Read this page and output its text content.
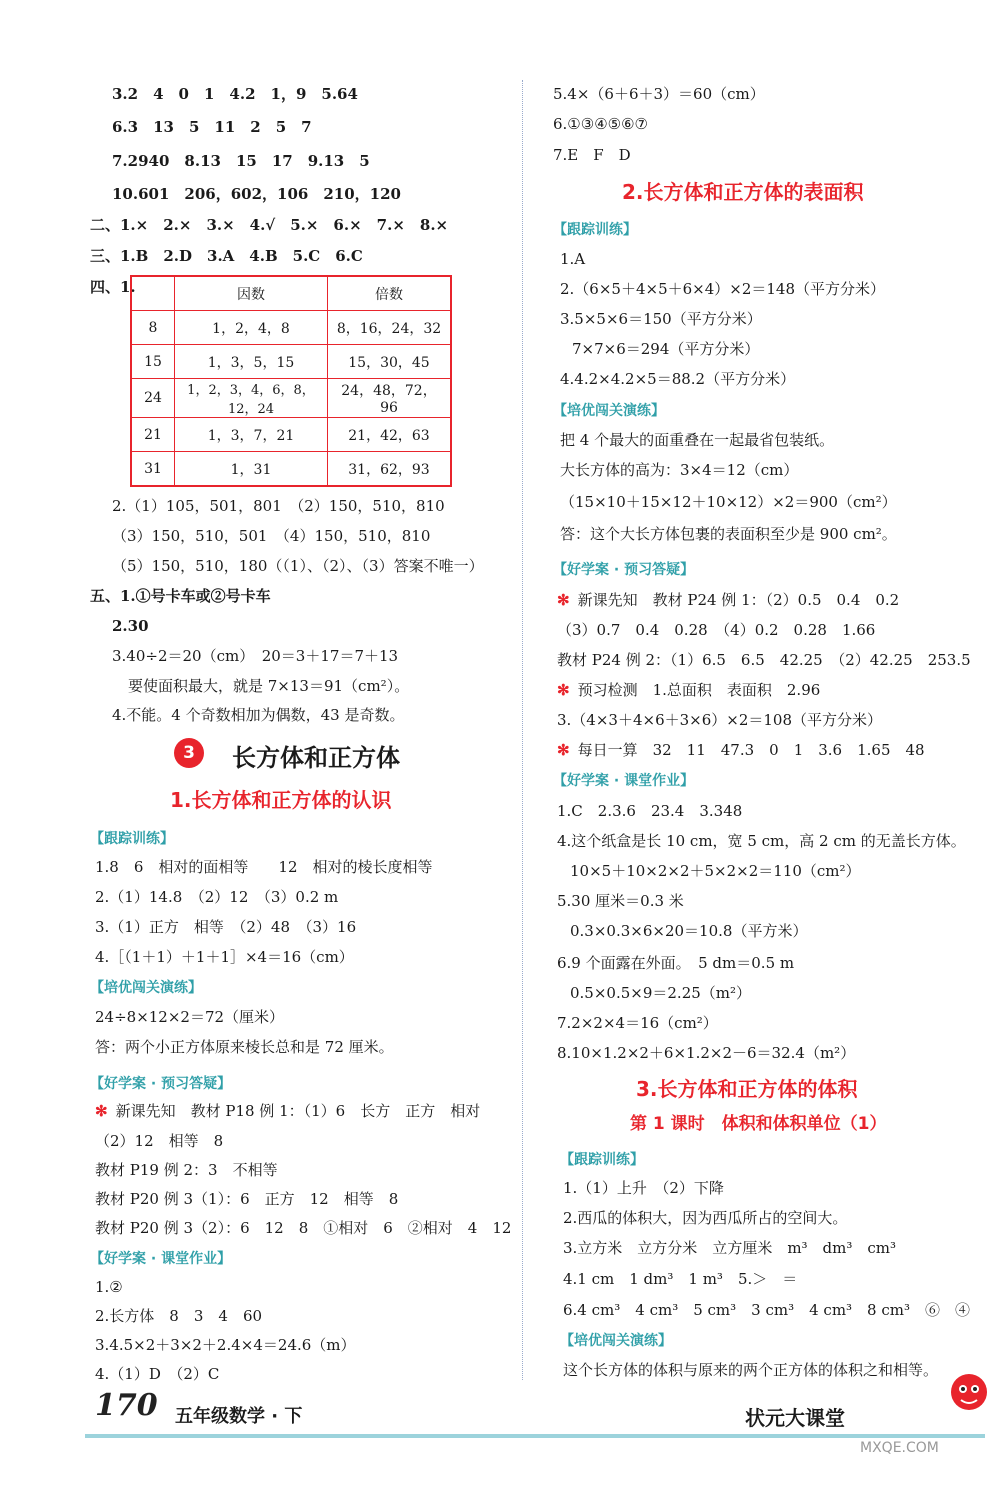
3.2　4　0　1　4.2　1，9　5.64
6.3　13　5　11　2　5　7
7.2940　8.13　15　17　9.13　5
10.601　206，602，106　210，120
二、1.×　2.×　3.×　4.√　5.×　6.×　7.×　8.×
三、1.B　2.D　3.A　4.B　5.C　6.C
四、1.
		因数	倍数
8	1，2，4，8	8，16，24，32
15	1，3，5，15	15，30，45
24	1，2，3，4，6，8，12，24	24，48，72，96
21	1，3，7，21	21，42，63
31	1，31	31，62，93
2.（1）105，501，801　（2）150，510，810
（3）150，510，501　（4）150，510，810
（5）150，510，180（（1）、（2）、（3）答案不唯一）
五、1.①号卡车或②号卡车
2.30
3.40÷2＝20（cm）　20＝3＋17＝7＋13
要使面积最大，就是 7×13＝91（cm²）。
4.不能。4 个奇数相加为偶数，43 是奇数。
3	长方体和正方体
1.长方体和正方体的认识
【跟踪训练】
1.8　6　相对的面相等　　12　相对的棱长度相等
2.（1）14.8　（2）12　（3）0.2 m
3.（1）正方　相等　（2）48　（3）16
4.［（1＋1）＋1＋1］×4＝16（cm）
【培优闯关演练】
24÷8×12×2＝72（厘米）
答：两个小正方体原来棱长总和是 72 厘米。
【好学案 · 预习答疑】
✻ 新课先知　教材 P18 例 1：（1）6　长方　正方　相对
（2）12　相等　8
教材 P19 例 2：3　不相等
教材 P20 例 3（1）：6　正方　12　相等　8
教材 P20 例 3（2）：6　12　8　①相对　6　②相对　4　12
【好学案 · 课堂作业】
1.②
2.长方体　8　3　4　60
3.4.5×2＋3×2＋2.4×4＝24.6（m）
4.（1）D　（2）C
5.4×（6＋6＋3）＝60（cm）
6.①③④⑤⑥⑦
7.E　F　D
2.长方体和正方体的表面积
【跟踪训练】
1.A
2.（6×5＋4×5＋6×4）×2＝148（平方分米）
3.5×5×6＝150（平方分米）
7×7×6＝294（平方分米）
4.4.2×4.2×5＝88.2（平方分米）
【培优闯关演练】
把 4 个最大的面重叠在一起最省包装纸。
大长方体的高为：3×4＝12（cm）
（15×10＋15×12＋10×12）×2＝900（cm²）
答：这个大长方体包裹的表面积至少是 900 cm²。
【好学案 · 预习答疑】
✻ 新课先知　教材 P24 例 1：（2）0.5　0.4　0.2
（3）0.7　0.4　0.28　（4）0.2　0.28　1.66
教材 P24 例 2：（1）6.5　6.5　42.25　（2）42.25　253.5
✻ 预习检测　1.总面积　表面积　2.96
3.（4×3＋4×6＋3×6）×2＝108（平方分米）
✻ 每日一算　32　11　47.3　0　1　3.6　1.65　48
【好学案 · 课堂作业】
1.C　2.3.6　23.4　3.348
4.这个纸盒是长 10 cm，宽 5 cm，高 2 cm 的无盖长方体。
10×5＋10×2×2＋5×2×2＝110（cm²）
5.30 厘米＝0.3 米
0.3×0.3×6×20＝10.8（平方米）
6.9 个面露在外面。　5 dm＝0.5 m
0.5×0.5×9＝2.25（m²）
7.2×2×4＝16（cm²）
8.10×1.2×2＋6×1.2×2－6＝32.4（m²）
3.长方体和正方体的体积
第 1 课时　体积和体积单位（1）
【跟踪训练】
1.（1）上升　（2）下降
2.西瓜的体积大，因为西瓜所占的空间大。
3.立方米　立方分米　立方厘米　m³　dm³　cm³
4.1 cm　1 dm³　1 m³　5.＞　＝
6.4 cm³　4 cm³　5 cm³　3 cm³　4 cm³　8 cm³　⑥　④
【培优闯关演练】
这个长方体的体积与原来的两个正方体的体积之和相等。
170 五年级数学 · 下	状元大课堂
MXQE.COM
